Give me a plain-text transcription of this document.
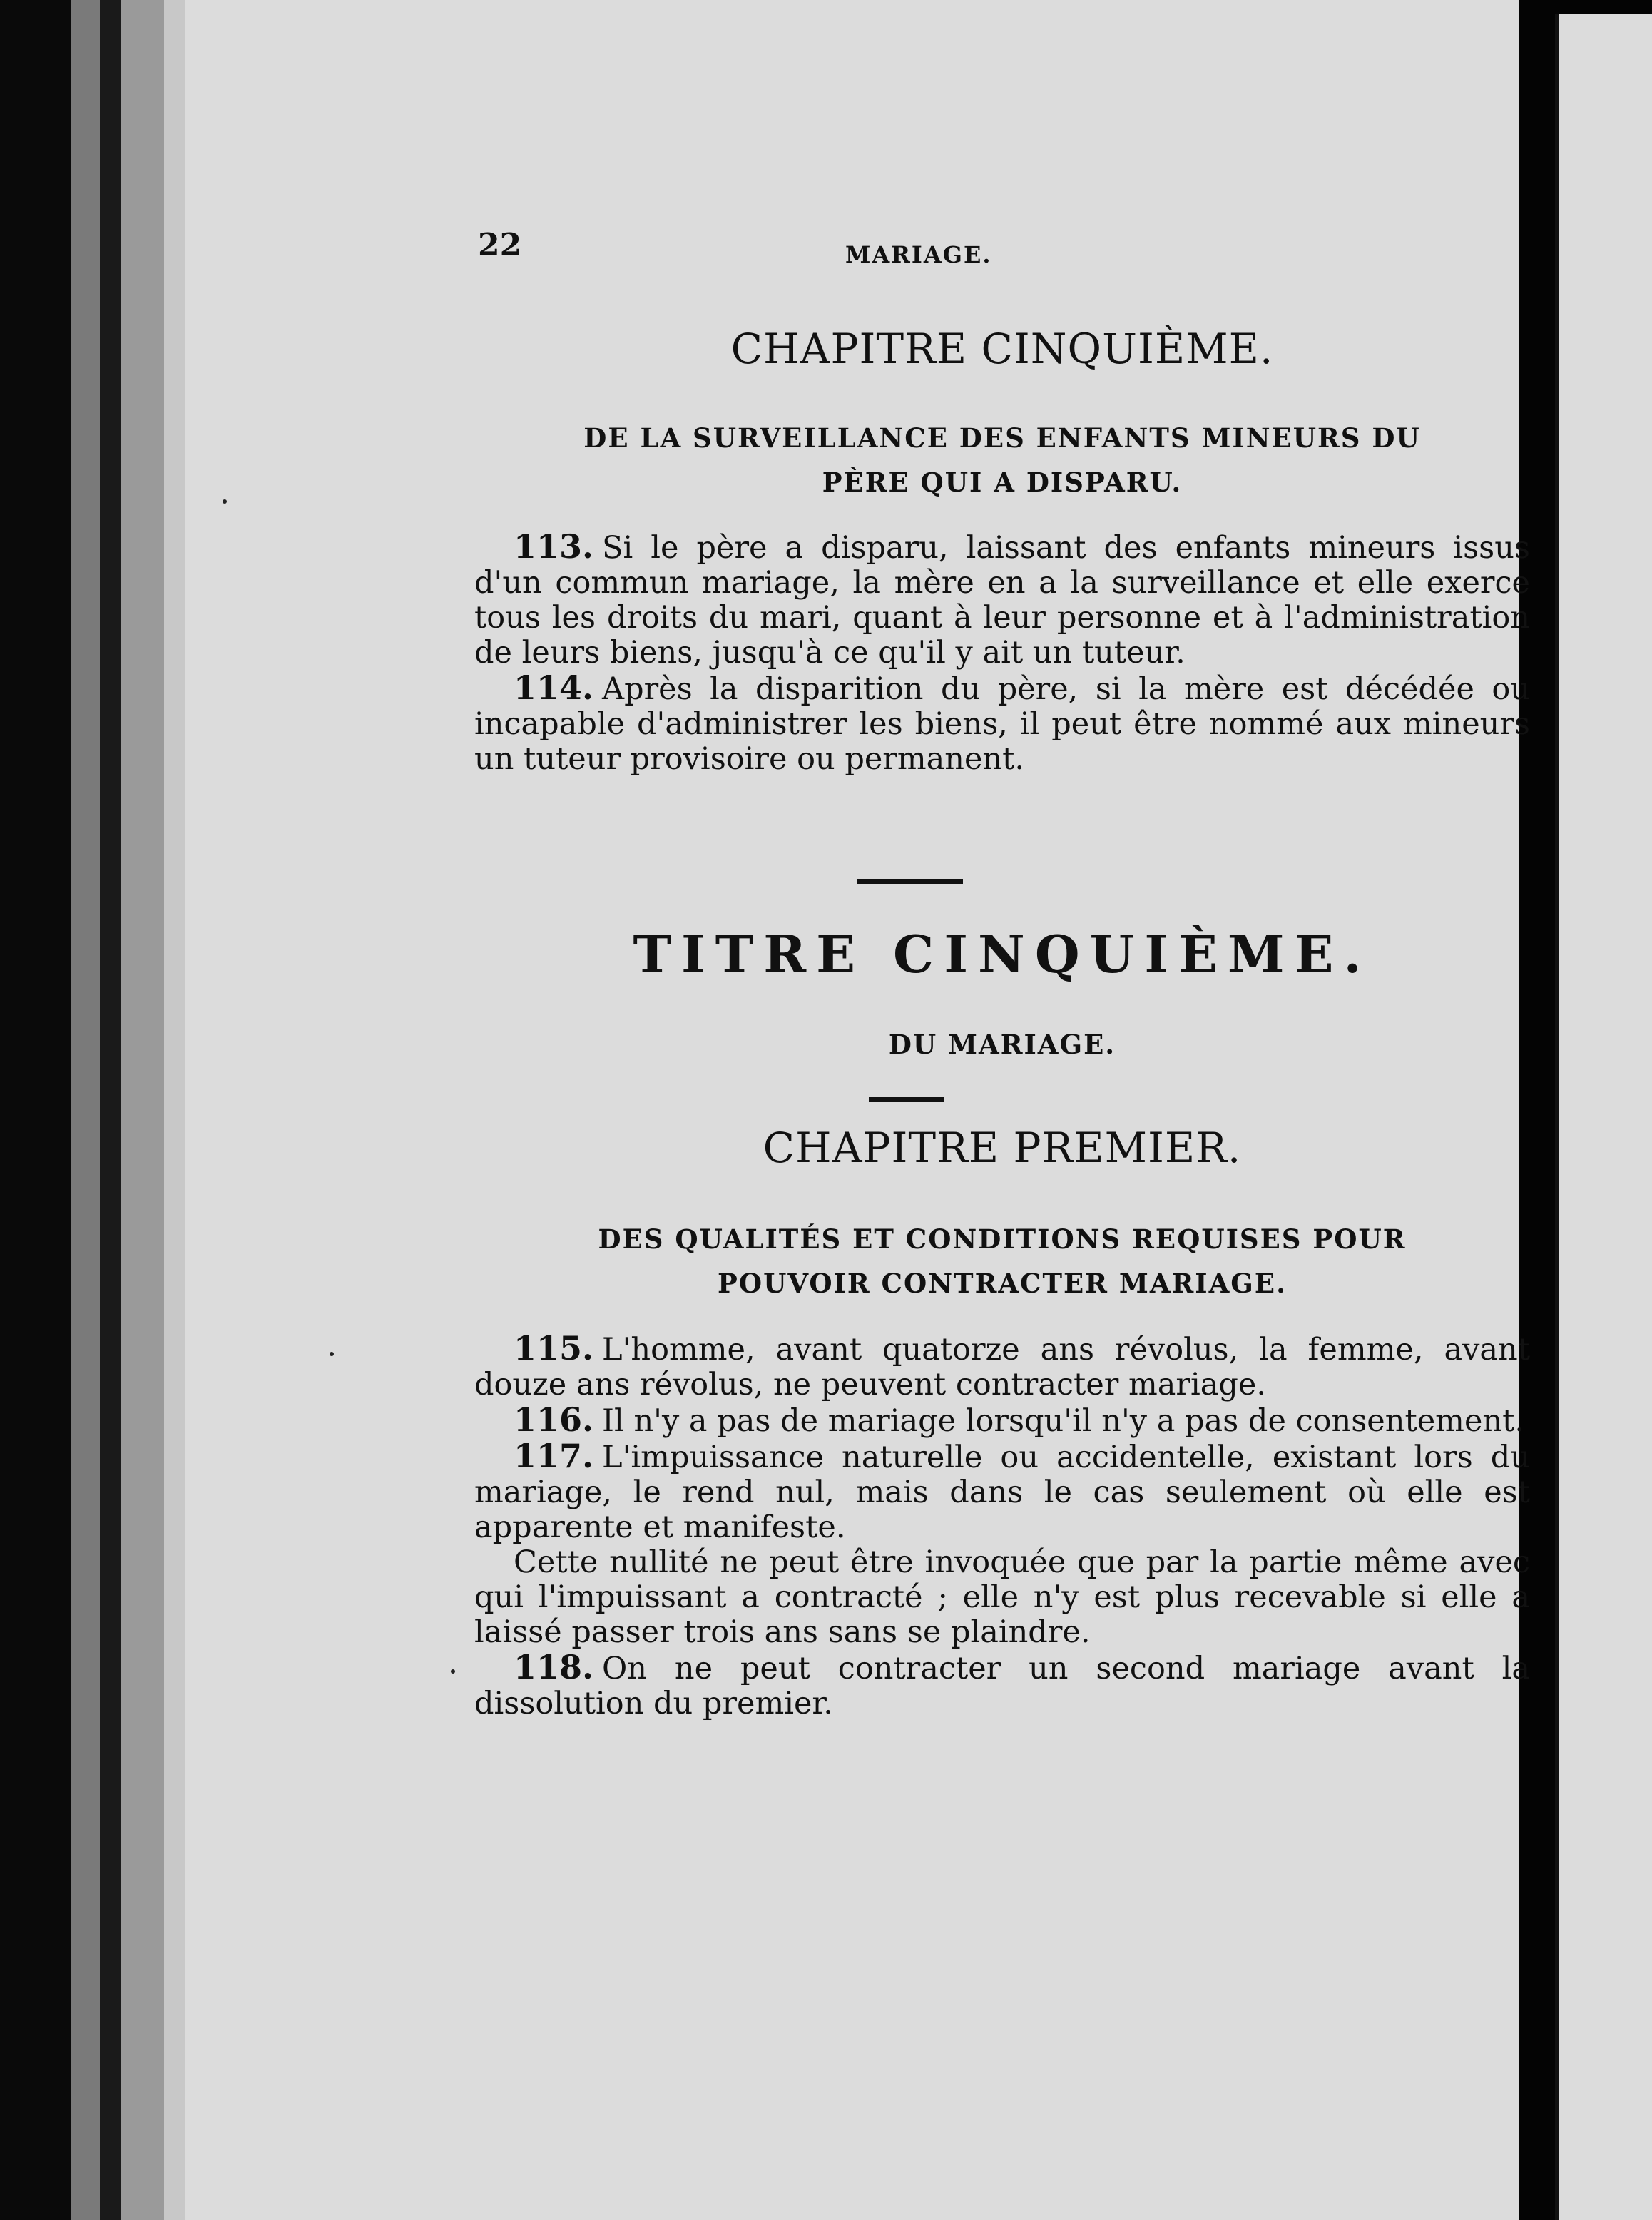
22	MARIAGE.

CHAPITRE CINQUIÈME.

DE LA SURVEILLANCE DES ENFANTS MINEURS DU

PÈRE QUI A DISPARU.

113. Si le père a disparu, laissant des enfants mineurs issus d'un commun mariage, la mère en a la surveillance et elle exerce tous les droits du mari, quant à leur personne et à l'administration de leurs biens, jusqu'à ce qu'il y ait un tuteur.

114. Après la disparition du père, si la mère est décédée ou incapable d'administrer les biens, il peut être nommé aux mineurs un tuteur provisoire ou permanent.

TITRE CINQUIÈME.

DU MARIAGE.

CHAPITRE PREMIER.

DES QUALITÉS ET CONDITIONS REQUISES POUR

POUVOIR CONTRACTER MARIAGE.

115. L'homme, avant quatorze ans révolus, la femme, avant douze ans révolus, ne peuvent contracter mariage.

116. Il n'y a pas de mariage lorsqu'il n'y a pas de consentement.

117. L'impuissance naturelle ou accidentelle, existant lors du mariage, le rend nul, mais dans le cas seulement où elle est apparente et manifeste.

Cette nullité ne peut être invoquée que par la partie même avec qui l'impuissant a contracté ; elle n'y est plus recevable si elle a laissé passer trois ans sans se plaindre.

118. On ne peut contracter un second mariage avant la dissolution du premier.
